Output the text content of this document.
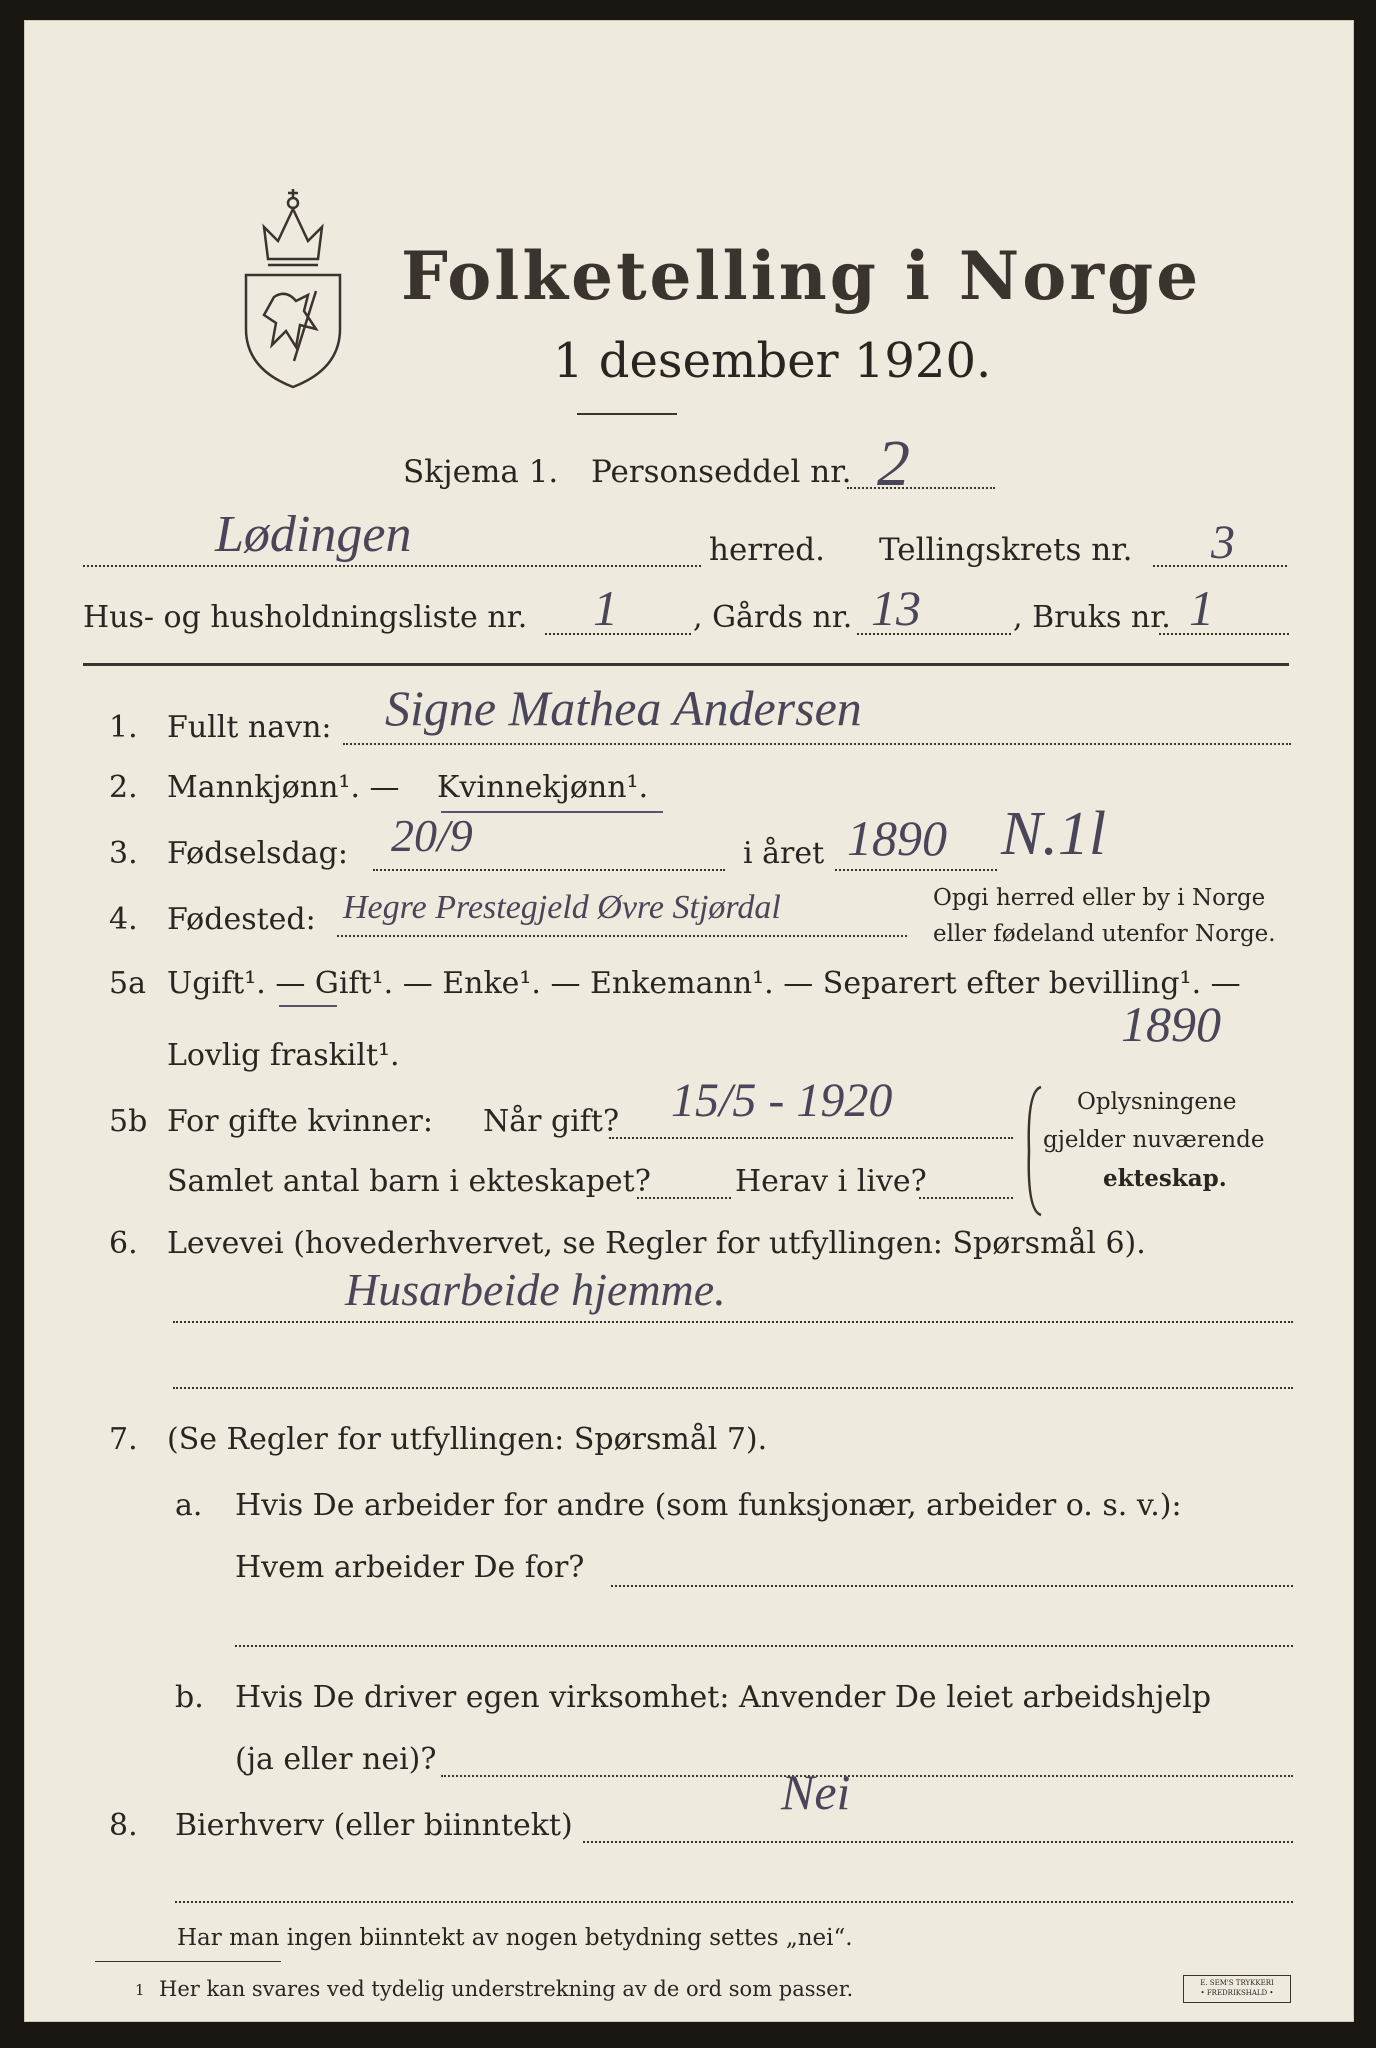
Folketelling i Norge
1 desember 1920.
Skjema 1. Personseddel nr. 2
Lødingen	herred. Tellingskrets nr. 3
Hus- og husholdningsliste nr. 1	, Gårds nr. 13	, Bruks nr. 1
1. Fullt navn: Signe Mathea Andersen
2. Mannkjønn¹. — Kvinnekjønn¹.
3. Fødselsdag: 20/9	i året 1890 N.1l
4. Fødested: Hegre Prestegjeld Øvre Stjørdal	Opgi herred eller by i Norge
eller fødeland utenfor Norge.
5a Ugift¹. — Gift¹. — Enke¹. — Enkemann¹. — Separert efter bevilling¹. —
Lovlig fraskilt¹.
1890
5b For gifte kvinner: Når gift? 15/5 - 1920
Samlet antal barn i ekteskapet?	Herav i live?
Oplysningene
gjelder nuværende
ekteskap.
6. Levevei (hovederhvervet, se Regler for utfyllingen: Spørsmål 6).
Husarbeide hjemme.
7. (Se Regler for utfyllingen: Spørsmål 7).
a. Hvis De arbeider for andre (som funksjonær, arbeider o. s. v.):
Hvem arbeider De for?
b. Hvis De driver egen virksomhet: Anvender De leiet arbeidshjelp
(ja eller nei)?
8. Bierhverv (eller biinntekt)
Nei
Har man ingen biinntekt av nogen betydning settes „nei“.
1 Her kan svares ved tydelig understrekning av de ord som passer.	E. SEM'S TRYKKERI
• FREDRIKSHALD •
